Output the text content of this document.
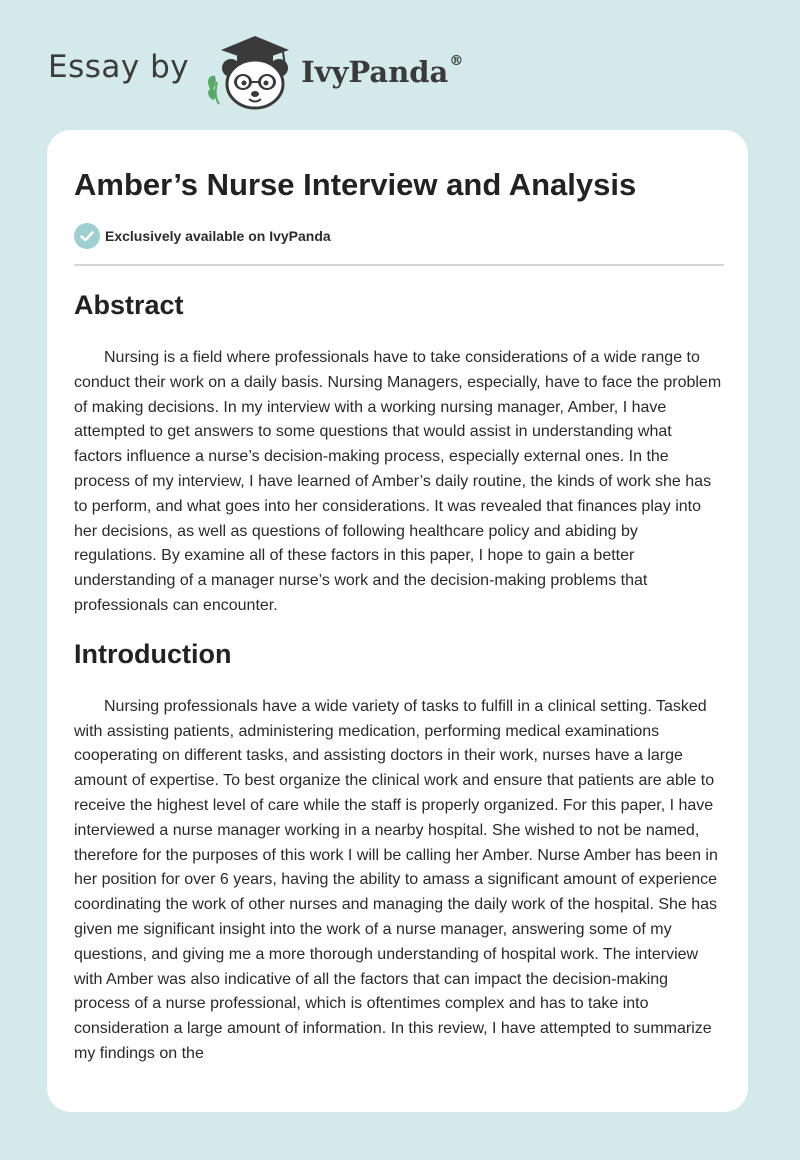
Essay by	IvyPanda®
Amber’s Nurse Interview and Analysis
Exclusively available on IvyPanda
Abstract

Nursing is a field where professionals have to take considerations of a wide range to conduct their work on a daily basis. Nursing Managers, especially, have to face the problem of making decisions. In my interview with a working nursing manager, Amber, I have attempted to get answers to some questions that would assist in understanding what factors influence a nurse’s decision-making process, especially external ones. In the process of my interview, I have learned of Amber’s daily routine, the kinds of work she has to perform, and what goes into her considerations. It was revealed that finances play into her decisions, as well as questions of following healthcare policy and abiding by regulations. By examine all of these factors in this paper, I hope to gain a better understanding of a manager nurse’s work and the decision-making problems that professionals can encounter.

Introduction

Nursing professionals have a wide variety of tasks to fulfill in a clinical setting. Tasked with assisting patients, administering medication, performing medical examinations cooperating on different tasks, and assisting doctors in their work, nurses have a large amount of expertise. To best organize the clinical work and ensure that patients are able to receive the highest level of care while the staff is properly organized. For this paper, I have interviewed a nurse manager working in a nearby hospital. She wished to not be named, therefore for the purposes of this work I will be calling her Amber. Nurse Amber has been in her position for over 6 years, having the ability to amass a significant amount of experience coordinating the work of other nurses and managing the daily work of the hospital. She has given me significant insight into the work of a nurse manager, answering some of my questions, and giving me a more thorough understanding of hospital work. The interview with Amber was also indicative of all the factors that can impact the decision-making process of a nurse professional, which is oftentimes complex and has to take into consideration a large amount of information. In this review, I have attempted to summarize my findings on the
